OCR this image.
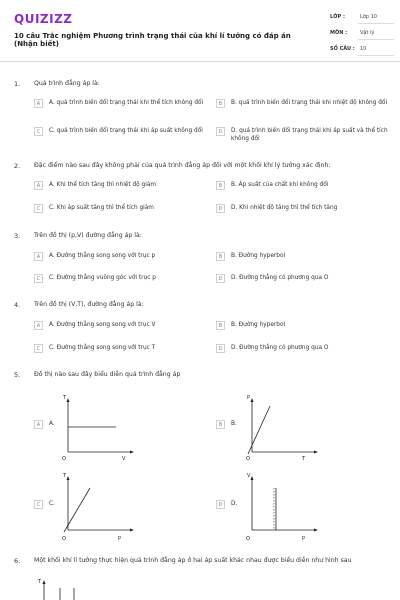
QUIZIZZ
10 câu Trắc nghiệm Phương trình trạng thái của khí lí tưởng có đáp án (Nhận biết)
LỚP :	Lớp 10
MÔN :	Vật lý
SỐ CÂU : 10
1. Quá trình đẳng áp là:
A	A. quá trình biến đổi trạng thái khi thể tích không đổi	B	B. quá trình biến đổi trạng thái khi nhiệt độ không đổi
C	C. quá trình biến đổi trạng thái khi áp suất không đổi	D	D. quá trình biến đổi trạng thái khi áp suất và thể tích không đổi
2. Đặc điểm nào sau đây không phải của quá trình đẳng áp đối với một khối khí lý tưởng xác định:
A	A. Khi thể tích tăng thì nhiệt độ giảm	B	B. Áp suất của chất khí không đổi
C	C. Khi áp suất tăng thì thể tích giảm	D	D. Khi nhiệt độ tăng thì thể tích tăng
3. Trên đồ thị (p,V) đường đẳng áp là:
A	A. Đường thẳng song song với trục p	B	B. Đường hyperbol
C	C. Đường thẳng vuông góc với trục p	D	D. Đường thẳng có phương qua O
4. Trên đồ thị (V,T), đường đẳng áp là:
A	A. Đường thẳng song song với trục V	B	B. Đường hyperbol
C	C. Đường thẳng song song với trục T	D	D. Đường thẳng có phương qua O
5. Đồ thị nào sau đây biểu diễn quá trình đẳng áp
A	A.
T
V
O
B	B.
P
T
O
C	C.
T
P
O
D	D.
V
P
O
6. Một khối khí lí tưởng thực hiện quá trình đẳng áp ở hai áp suất khác nhau được biểu diễn như hình sau
T
